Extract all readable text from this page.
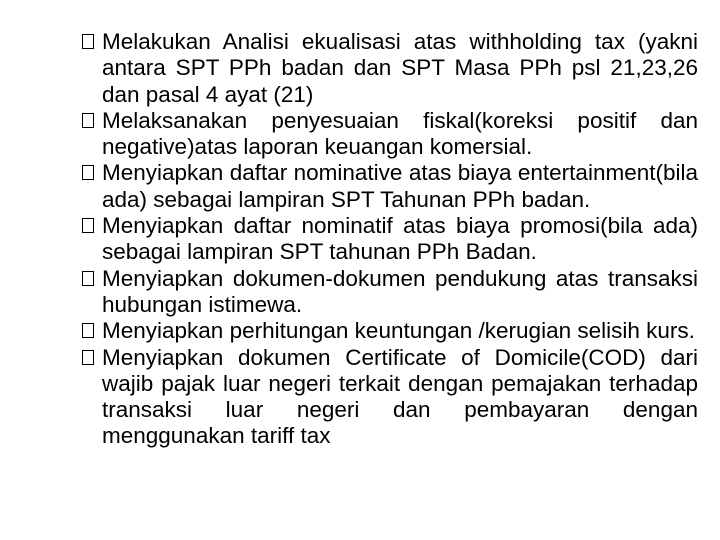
Melakukan Analisi ekualisasi atas withholding tax (yakni antara SPT PPh badan dan SPT Masa PPh psl 21,23,26 dan pasal 4 ayat (21)
Melaksanakan penyesuaian fiskal(koreksi positif dan negative)atas laporan keuangan komersial.
Menyiapkan daftar nominative atas biaya entertainment(bila ada) sebagai lampiran SPT Tahunan PPh badan.
Menyiapkan daftar nominatif atas biaya promosi(bila ada) sebagai lampiran SPT tahunan PPh Badan.
Menyiapkan dokumen-dokumen pendukung atas transaksi hubungan istimewa.
Menyiapkan perhitungan keuntungan /kerugian selisih kurs.
Menyiapkan dokumen Certificate of Domicile(COD) dari wajib pajak luar negeri terkait dengan pemajakan terhadap transaksi luar negeri dan pembayaran dengan menggunakan tariff tax
